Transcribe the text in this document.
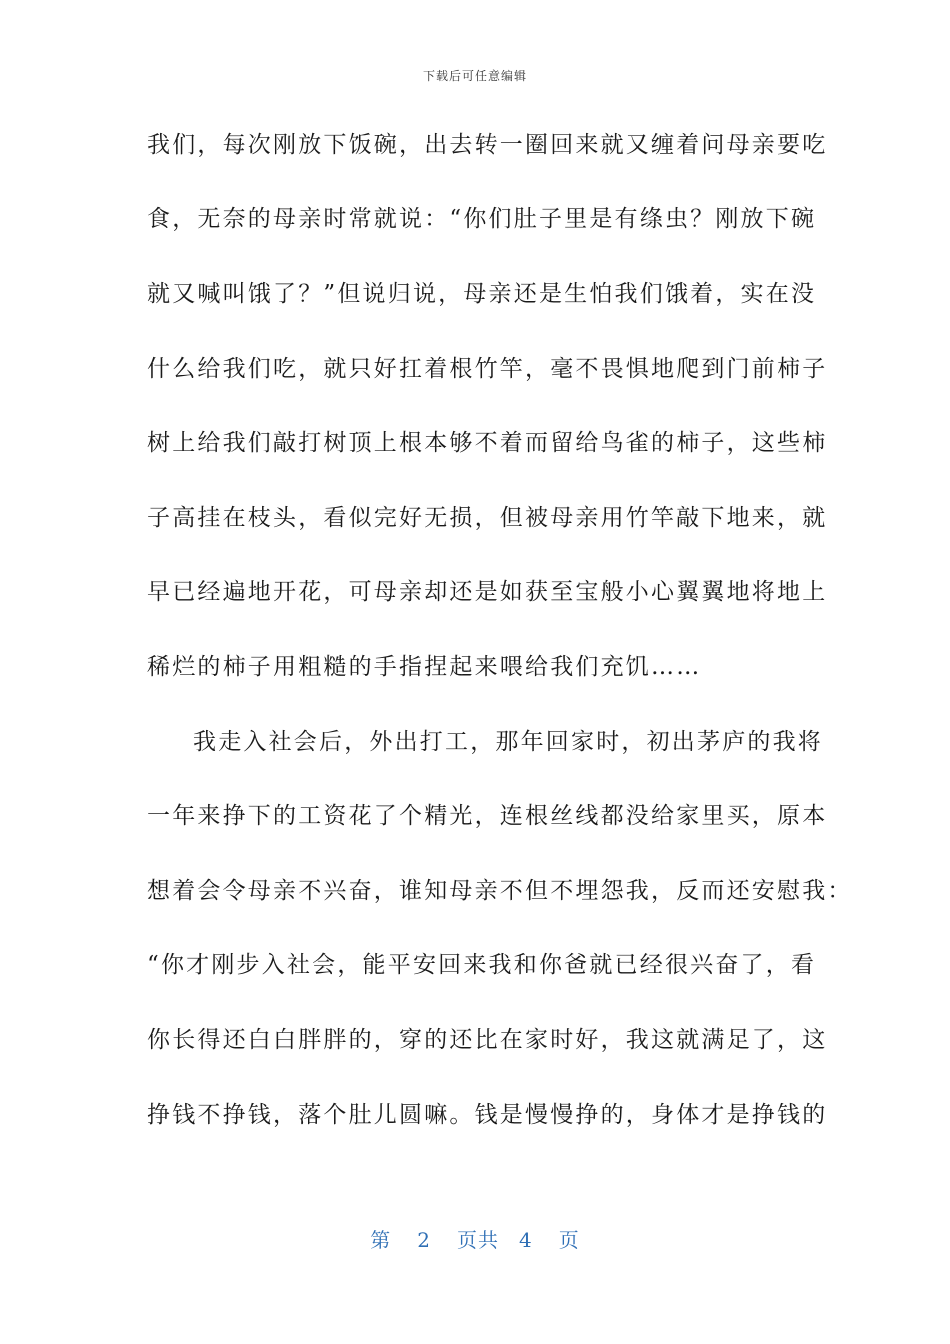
下载后可任意编辑
我们，每次刚放下饭碗，出去转一圈回来就又缠着问母亲要吃
食，无奈的母亲时常就说：“你们肚子里是有绦虫？刚放下碗
就又喊叫饿了？”但说归说，母亲还是生怕我们饿着，实在没
什么给我们吃，就只好扛着根竹竿，毫不畏惧地爬到门前柿子
树上给我们敲打树顶上根本够不着而留给鸟雀的柿子，这些柿
子高挂在枝头，看似完好无损，但被母亲用竹竿敲下地来，就
早已经遍地开花，可母亲却还是如获至宝般小心翼翼地将地上
稀烂的柿子用粗糙的手指捏起来喂给我们充饥……
我走入社会后，外出打工，那年回家时，初出茅庐的我将
一年来挣下的工资花了个精光，连根丝线都没给家里买，原本
想着会令母亲不兴奋，谁知母亲不但不埋怨我，反而还安慰我：
“你才刚步入社会，能平安回来我和你爸就已经很兴奋了，看
你长得还白白胖胖的，穿的还比在家时好，我这就满足了，这
挣钱不挣钱，落个肚儿圆嘛。钱是慢慢挣的，身体才是挣钱的
第 2 页共 4 页
